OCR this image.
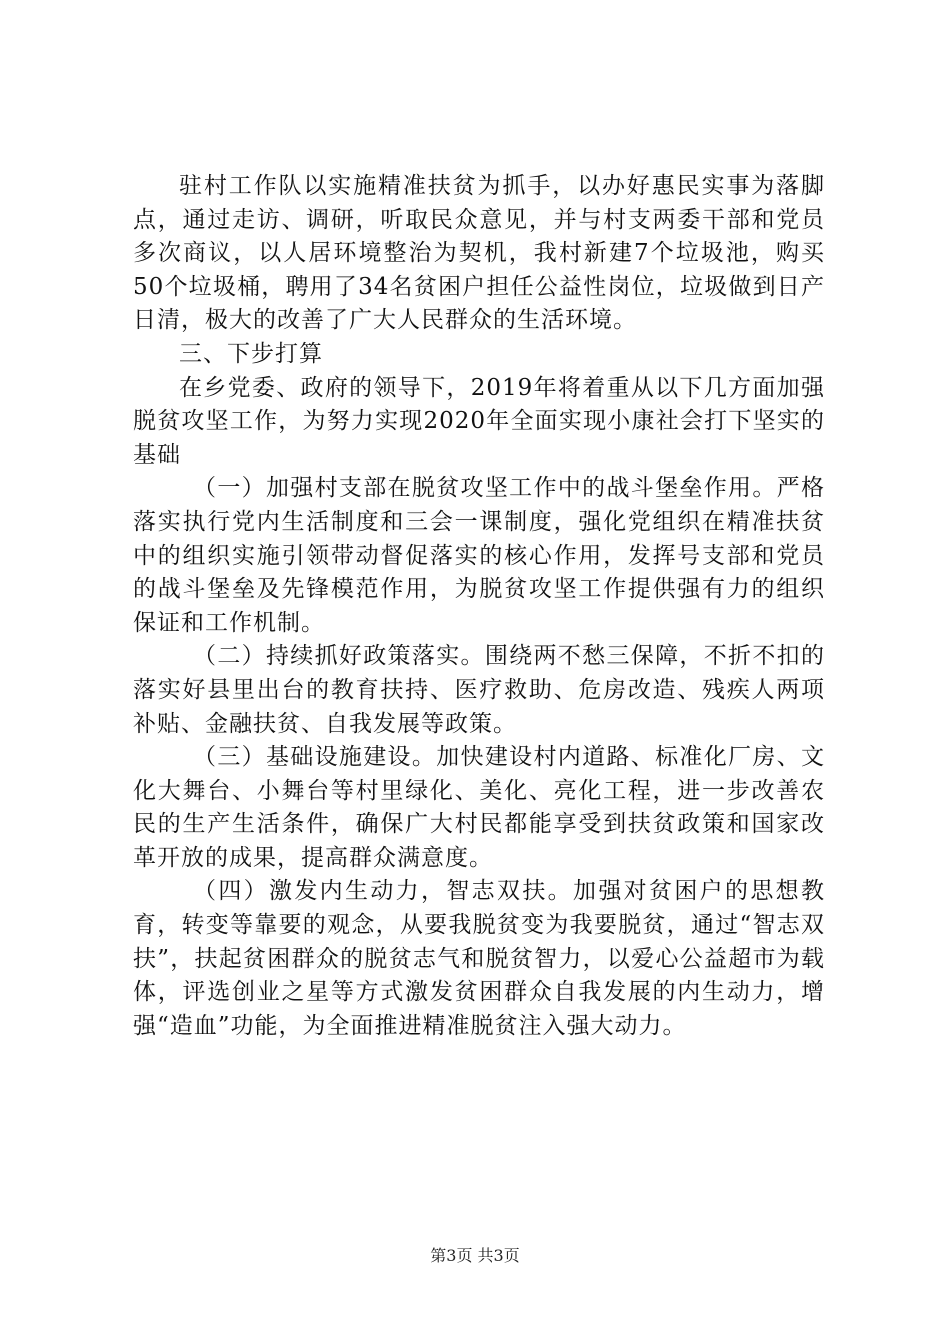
驻村工作队以实施精准扶贫为抓手，以办好惠民实事为落脚点，通过走访、调研，听取民众意见，并与村支两委干部和党员多次商议，以人居环境整治为契机，我村新建7个垃圾池，购买50个垃圾桶，聘用了34名贫困户担任公益性岗位，垃圾做到日产日清，极大的改善了广大人民群众的生活环境。

三、下步打算

在乡党委、政府的领导下，2019年将着重从以下几方面加强脱贫攻坚工作，为努力实现2020年全面实现小康社会打下坚实的基础

（一）加强村支部在脱贫攻坚工作中的战斗堡垒作用。严格落实执行党内生活制度和三会一课制度，强化党组织在精准扶贫中的组织实施引领带动督促落实的核心作用，发挥号支部和党员的战斗堡垒及先锋模范作用，为脱贫攻坚工作提供强有力的组织保证和工作机制。

（二）持续抓好政策落实。围绕两不愁三保障，不折不扣的落实好县里出台的教育扶持、医疗救助、危房改造、残疾人两项补贴、金融扶贫、自我发展等政策。

（三）基础设施建设。加快建设村内道路、标准化厂房、文化大舞台、小舞台等村里绿化、美化、亮化工程，进一步改善农民的生产生活条件，确保广大村民都能享受到扶贫政策和国家改革开放的成果，提高群众满意度。

（四）激发内生动力，智志双扶。加强对贫困户的思想教育，转变等靠要的观念，从要我脱贫变为我要脱贫，通过“智志双扶”，扶起贫困群众的脱贫志气和脱贫智力，以爱心公益超市为载体，评选创业之星等方式激发贫困群众自我发展的内生动力，增强“造血”功能，为全面推进精准脱贫注入强大动力。

第3页 共3页
